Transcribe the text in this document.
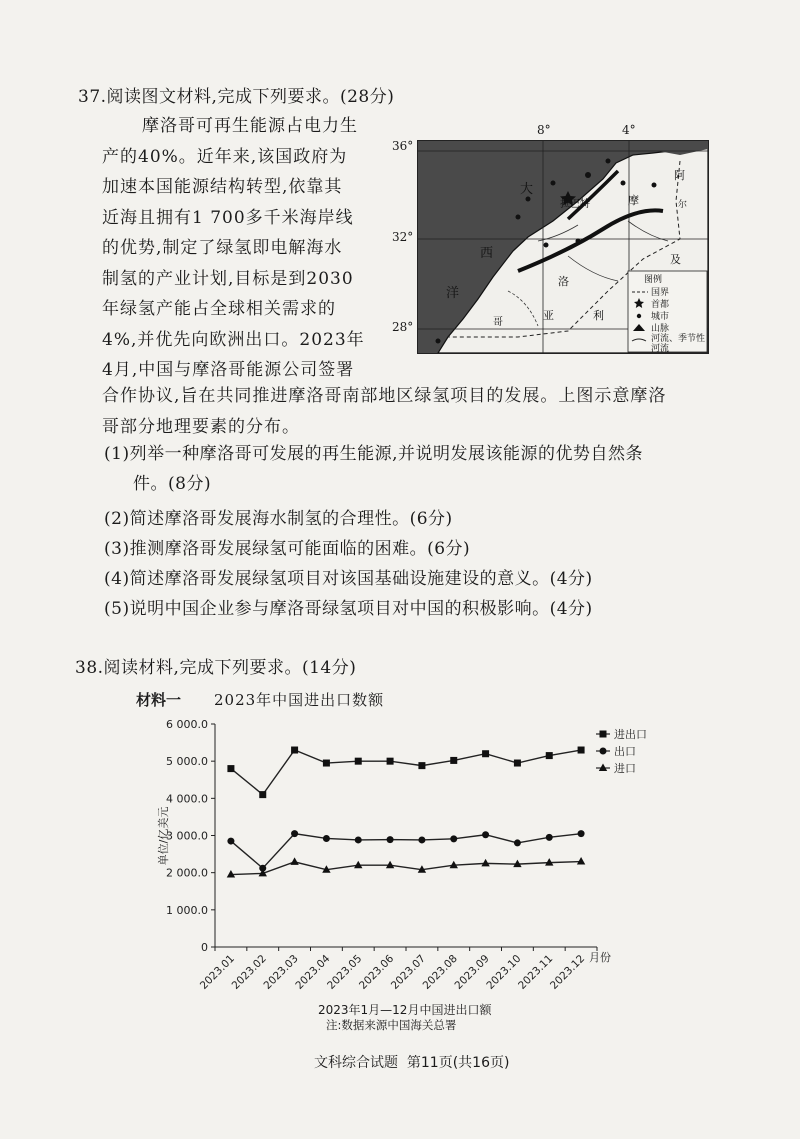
37.阅读图文材料,完成下列要求。(28分)
摩洛哥可再生能源占电力生
产的40%。近年来,该国政府为
加速本国能源结构转型,依靠其
近海且拥有1 700多千米海岸线
的优势,制定了绿氢即电解海水
制氢的产业计划,目标是到2030
年绿氢产能占全球相关需求的
4%,并优先向欧洲出口。2023年
4月,中国与摩洛哥能源公司签署
大
西
洋
摩
洛
哥
阿
尔
及
利
亚
拉巴特
图例
国界
首都
城市
山脉
河流、季节性
河流
8°	4°
36°
32°
28°
合作协议,旨在共同推进摩洛哥南部地区绿氢项目的发展。上图示意摩洛
哥部分地理要素的分布。
(1)列举一种摩洛哥可发展的再生能源,并说明发展该能源的优势自然条
件。(8分)
(2)简述摩洛哥发展海水制氢的合理性。(6分)
(3)推测摩洛哥发展绿氢可能面临的困难。(6分)
(4)简述摩洛哥发展绿氢项目对该国基础设施建设的意义。(4分)
(5)说明中国企业参与摩洛哥绿氢项目对中国的积极影响。(4分)
38.阅读材料,完成下列要求。(14分)
材料一 2023年中国进出口数额
0
1 000.0
2 000.0
3 000.0
4 000.0
5 000.0
6 000.0
2023.01
2023.02
2023.03
2023.04
2023.05
2023.06
2023.07
2023.08
2023.09
2023.10
2023.11
2023.12 月份
单位/亿美元
进出口
出口
进口
2023年1月—12月中国进出口额
注:数据来源中国海关总署
文科综合试题  第11页(共16页)
